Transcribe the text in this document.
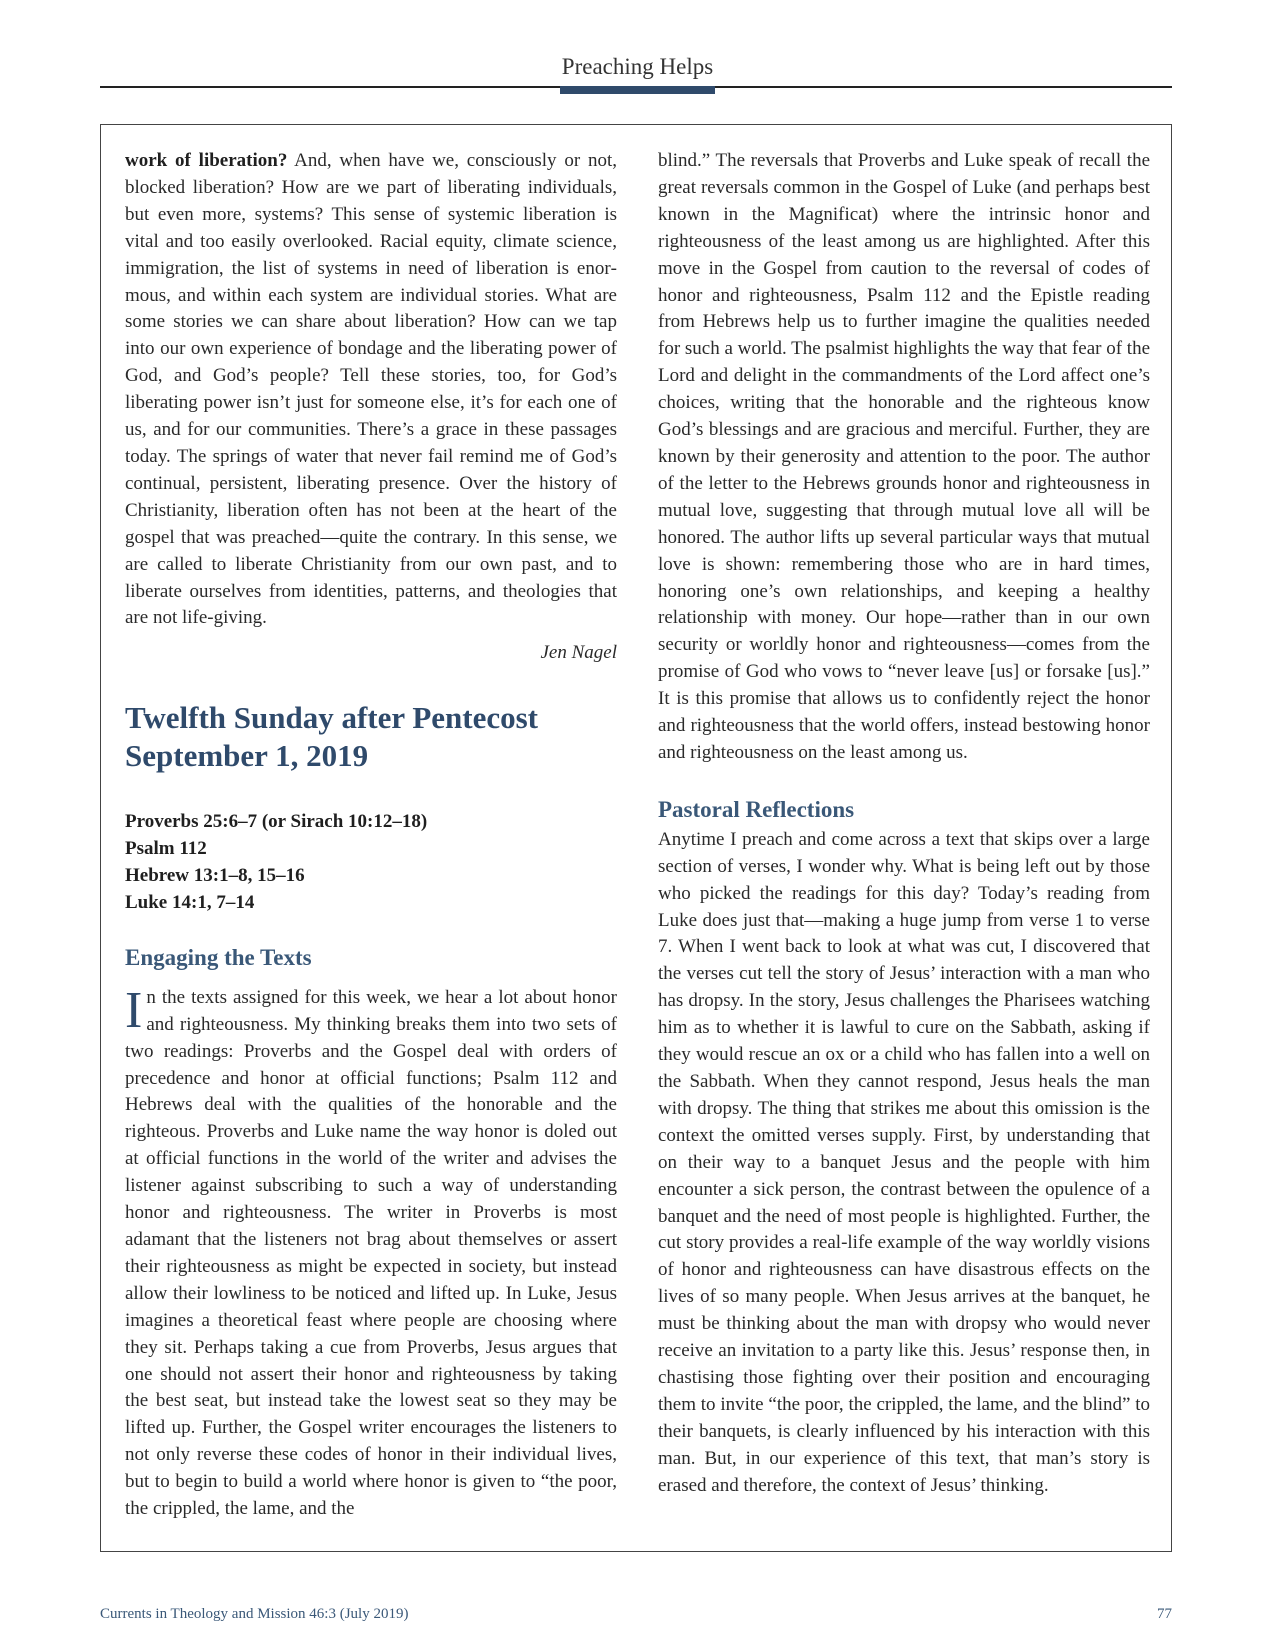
Preaching Helps

work of liberation? And, when have we, consciously or not, blocked liberation? How are we part of liberating individuals, but even more, systems? This sense of systemic liberation is vital and too easily overlooked. Racial equity, climate science, immigration, the list of systems in need of liberation is enormous, and within each system are individual stories. What are some stories we can share about liberation? How can we tap into our own experience of bondage and the liberating power of God, and God’s people? Tell these stories, too, for God’s liberating power isn’t just for someone else, it’s for each one of us, and for our communities. There’s a grace in these passages today. The springs of water that never fail remind me of God’s continual, persistent, liberating presence. Over the history of Christianity, liberation often has not been at the heart of the gospel that was preached—quite the contrary. In this sense, we are called to liberate Christianity from our own past, and to liberate ourselves from identities, patterns, and theologies that are not life-giving.

Jen Nagel
Twelfth Sunday after Pentecost
September 1, 2019
Proverbs 25:6–7 (or Sirach 10:12–18)
Psalm 112
Hebrew 13:1–8, 15–16
Luke 14:1, 7–14
Engaging the Texts

In the texts assigned for this week, we hear a lot about honor and righteousness. My thinking breaks them into two sets of two readings: Proverbs and the Gospel deal with orders of precedence and honor at official functions; Psalm 112 and Hebrews deal with the qualities of the honorable and the righteous. Proverbs and Luke name the way honor is doled out at official functions in the world of the writer and advises the listener against subscribing to such a way of understanding honor and righteousness. The writer in Proverbs is most adamant that the listeners not brag about themselves or assert their righteousness as might be expected in society, but instead allow their lowliness to be noticed and lifted up. In Luke, Jesus imagines a theoretical feast where people are choosing where they sit. Perhaps taking a cue from Proverbs, Jesus argues that one should not assert their honor and righteousness by taking the best seat, but instead take the lowest seat so they may be lifted up. Further, the Gospel writer encourages the listeners to not only reverse these codes of honor in their individual lives, but to begin to build a world where honor is given to “the poor, the crippled, the lame, and the

blind.” The reversals that Proverbs and Luke speak of recall the great reversals common in the Gospel of Luke (and perhaps best known in the Magnificat) where the intrinsic honor and righteousness of the least among us are highlighted. After this move in the Gospel from caution to the reversal of codes of honor and righteousness, Psalm 112 and the Epistle reading from Hebrews help us to further imagine the qualities needed for such a world. The psalmist highlights the way that fear of the Lord and delight in the commandments of the Lord affect one’s choices, writing that the honorable and the righteous know God’s blessings and are gracious and merciful. Further, they are known by their generosity and attention to the poor. The author of the letter to the Hebrews grounds honor and righteousness in mutual love, suggesting that through mutual love all will be honored. The author lifts up several particular ways that mutual love is shown: remembering those who are in hard times, honoring one’s own relationships, and keeping a healthy relationship with money. Our hope—rather than in our own security or worldly honor and righteousness—comes from the promise of God who vows to “never leave [us] or forsake [us].” It is this promise that allows us to confidently reject the honor and righteousness that the world offers, instead bestowing honor and righteousness on the least among us.

Pastoral Reflections

Anytime I preach and come across a text that skips over a large section of verses, I wonder why. What is being left out by those who picked the readings for this day? Today’s reading from Luke does just that—making a huge jump from verse 1 to verse 7. When I went back to look at what was cut, I discovered that the verses cut tell the story of Jesus’ interaction with a man who has dropsy. In the story, Jesus challenges the Pharisees watching him as to whether it is lawful to cure on the Sabbath, asking if they would rescue an ox or a child who has fallen into a well on the Sabbath. When they cannot respond, Jesus heals the man with dropsy. The thing that strikes me about this omission is the context the omitted verses supply. First, by understanding that on their way to a banquet Jesus and the people with him encounter a sick person, the contrast between the opulence of a banquet and the need of most people is highlighted. Further, the cut story provides a real-life example of the way worldly visions of honor and righteousness can have disastrous effects on the lives of so many people. When Jesus arrives at the banquet, he must be thinking about the man with dropsy who would never receive an invitation to a party like this. Jesus’ response then, in chastising those fighting over their position and encouraging them to invite “the poor, the crippled, the lame, and the blind” to their banquets, is clearly influenced by his interaction with this man. But, in our experience of this text, that man’s story is erased and therefore, the context of Jesus’ thinking.

Currents in Theology and Mission 46:3 (July 2019)	77
